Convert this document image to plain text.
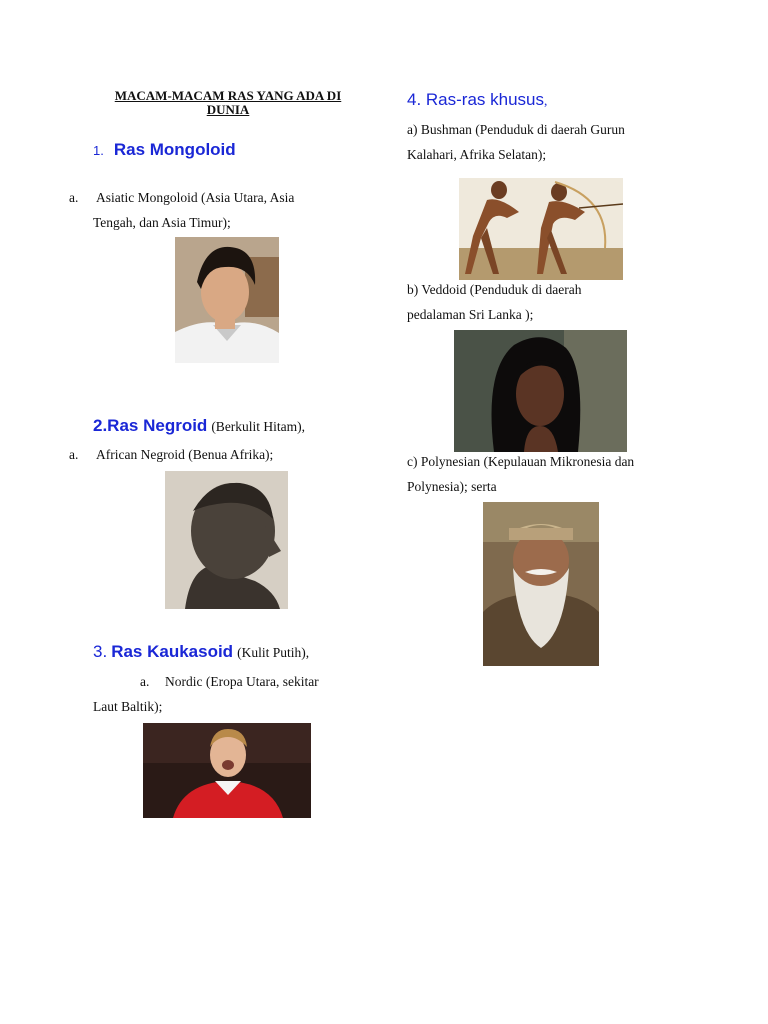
MACAM-MACAM RAS YANG ADA DI DUNIA
1. Ras Mongoloid
a. Asiatic Mongoloid (Asia Utara, Asia
Tengah, dan Asia Timur);
2.Ras Negroid (Berkulit Hitam),
a. African Negroid (Benua Afrika);
3. Ras Kaukasoid (Kulit Putih),
a. Nordic (Eropa Utara, sekitar
Laut Baltik);
4. Ras-ras khusus,
a) Bushman (Penduduk di daerah Gurun
Kalahari, Afrika Selatan);
b) Veddoid (Penduduk di daerah
pedalaman Sri Lanka );
c) Polynesian (Kepulauan Mikronesia dan
Polynesia); serta
